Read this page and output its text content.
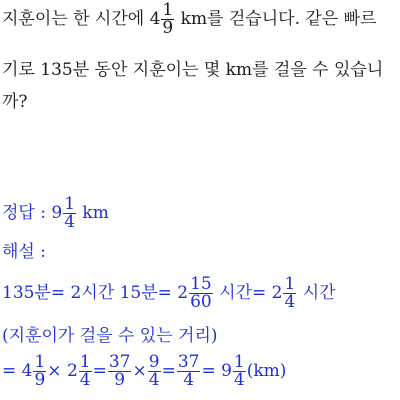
지훈이는 한 시간에 $4 \frac{1}{9}$ km를 걷습니다. 같은 빠르
기로 135분 동안 지훈이는 몇 km를 걸을 수 있습니
까?
정답 : $9 \frac{1}{4}$ km
해설 :
135분= 2시간 15분= $2 \frac{15}{60}$ 시간= $2 \frac{1}{4}$ 시간
(지훈이가 걸을 수 있는 거리)
= $4 \frac{1}{9} \times 2 \frac{1}{4} = \frac{37}{9} \times \frac{9}{4} = \frac{37}{4} = 9 \frac{1}{4} (km)$
